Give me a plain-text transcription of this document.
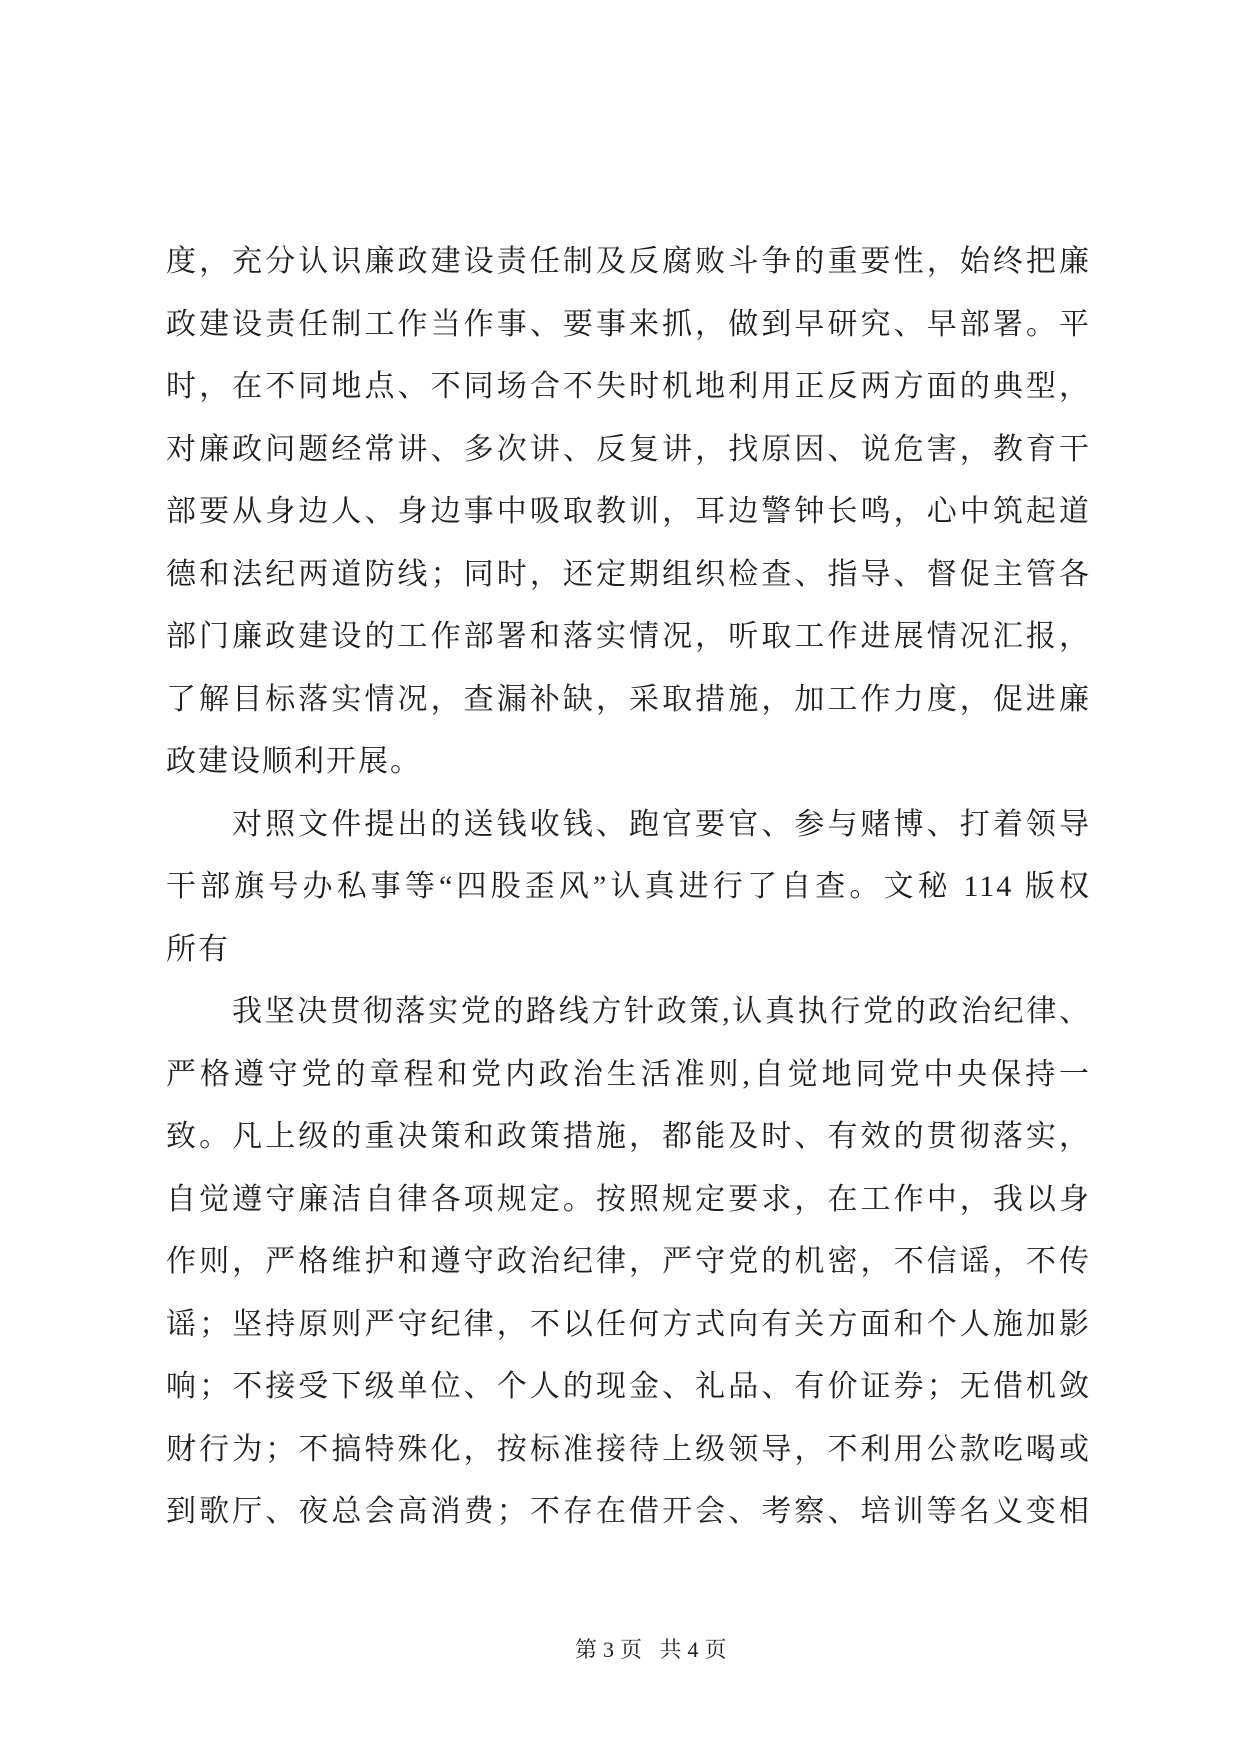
度，充分认识廉政建设责任制及反腐败斗争的重要性，始终把廉
政建设责任制工作当作事、要事来抓，做到早研究、早部署。平
时，在不同地点、不同场合不失时机地利用正反两方面的典型，
对廉政问题经常讲、多次讲、反复讲，找原因、说危害，教育干
部要从身边人、身边事中吸取教训，耳边警钟长鸣，心中筑起道
德和法纪两道防线；同时，还定期组织检查、指导、督促主管各
部门廉政建设的工作部署和落实情况，听取工作进展情况汇报，
了解目标落实情况，查漏补缺，采取措施，加工作力度，促进廉
政建设顺利开展。
对照文件提出的送钱收钱、跑官要官、参与赌博、打着领导
干部旗号办私事等“四股歪风”认真进行了自查。文秘 114 版权
所有
我坚决贯彻落实党的路线方针政策,认真执行党的政治纪律、
严格遵守党的章程和党内政治生活准则,自觉地同党中央保持一
致。凡上级的重决策和政策措施，都能及时、有效的贯彻落实，
自觉遵守廉洁自律各项规定。按照规定要求，在工作中，我以身
作则，严格维护和遵守政治纪律，严守党的机密，不信谣，不传
谣；坚持原则严守纪律，不以任何方式向有关方面和个人施加影
响；不接受下级单位、个人的现金、礼品、有价证券；无借机敛
财行为；不搞特殊化，按标准接待上级领导，不利用公款吃喝或
到歌厅、夜总会高消费；不存在借开会、考察、培训等名义变相
第3页 共4页
